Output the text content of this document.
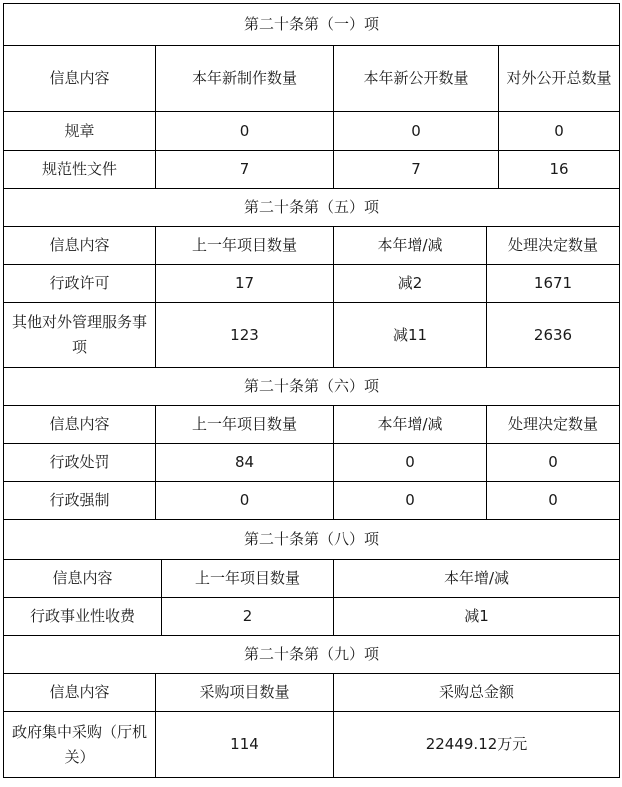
第二十条第（一）项			
信息内容	本年新制作数量	本年新公开数量	对外公开总数量
规章	0	0	0
规范性文件	7	7	16
第二十条第（五）项			
信息内容	上一年项目数量	本年增/减	处理决定数量
行政许可	17	减2	1671
其他对外管理服务事项	123	减11	2636
第二十条第（六）项			
信息内容	上一年项目数量	本年增/减	处理决定数量
行政处罚	84	0	0
行政强制	0	0	0
第二十条第（八）项		
信息内容	上一年项目数量	本年增/减
行政事业性收费	2	减1
第二十条第（九）项		
信息内容	采购项目数量	采购总金额
政府集中采购（厅机关）	114	22449.12万元
